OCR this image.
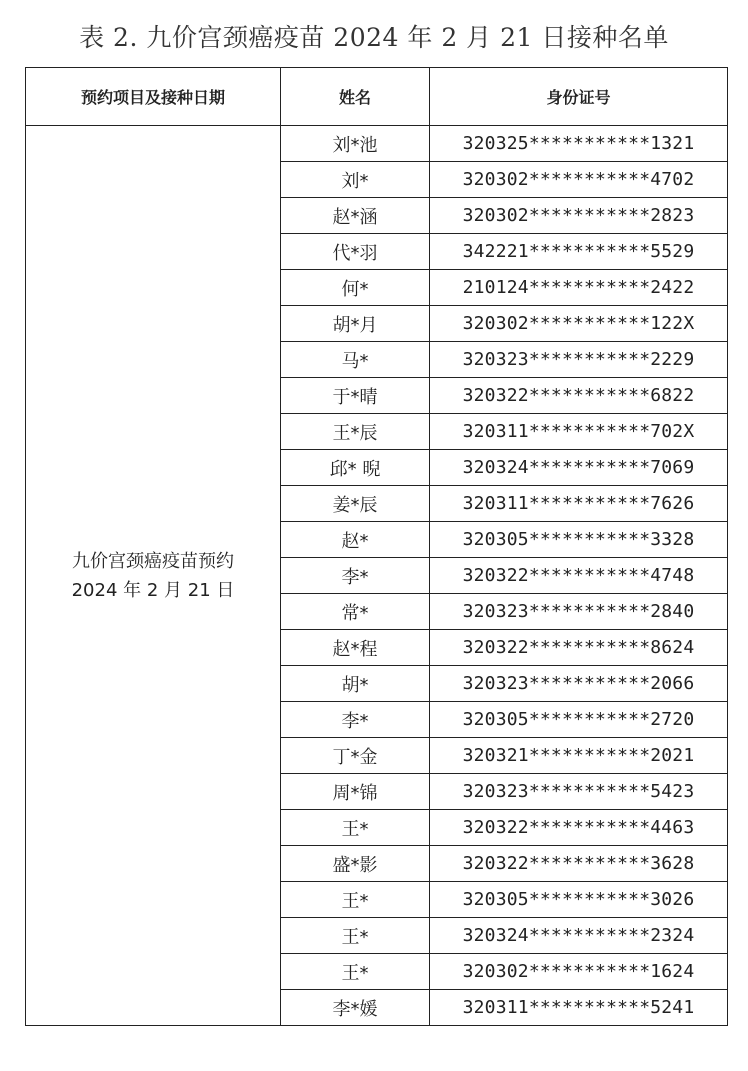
表 2. 九价宫颈癌疫苗 2024 年 2 月 21 日接种名单
预约项目及接种日期	姓名	身份证号

九价宫颈癌疫苗预约
2024 年 2 月 21 日	刘*池	320325***********1321
	刘*	320302***********4702
	赵*涵	320302***********2823
	代*羽	342221***********5529
	何*	210124***********2422
	胡*月	320302***********122X
	马*	320323***********2229
	于*晴	320322***********6822
	王*辰	320311***********702X
	邱* 晲	320324***********7069
	姜*辰	320311***********7626
	赵*	320305***********3328
	李*	320322***********4748
	常*	320323***********2840
	赵*程	320322***********8624
	胡*	320323***********2066
	李*	320305***********2720
	丁*金	320321***********2021
	周*锦	320323***********5423
	王*	320322***********4463
	盛*影	320322***********3628
	王*	320305***********3026
	王*	320324***********2324
	王*	320302***********1624
	李*媛	320311***********5241
